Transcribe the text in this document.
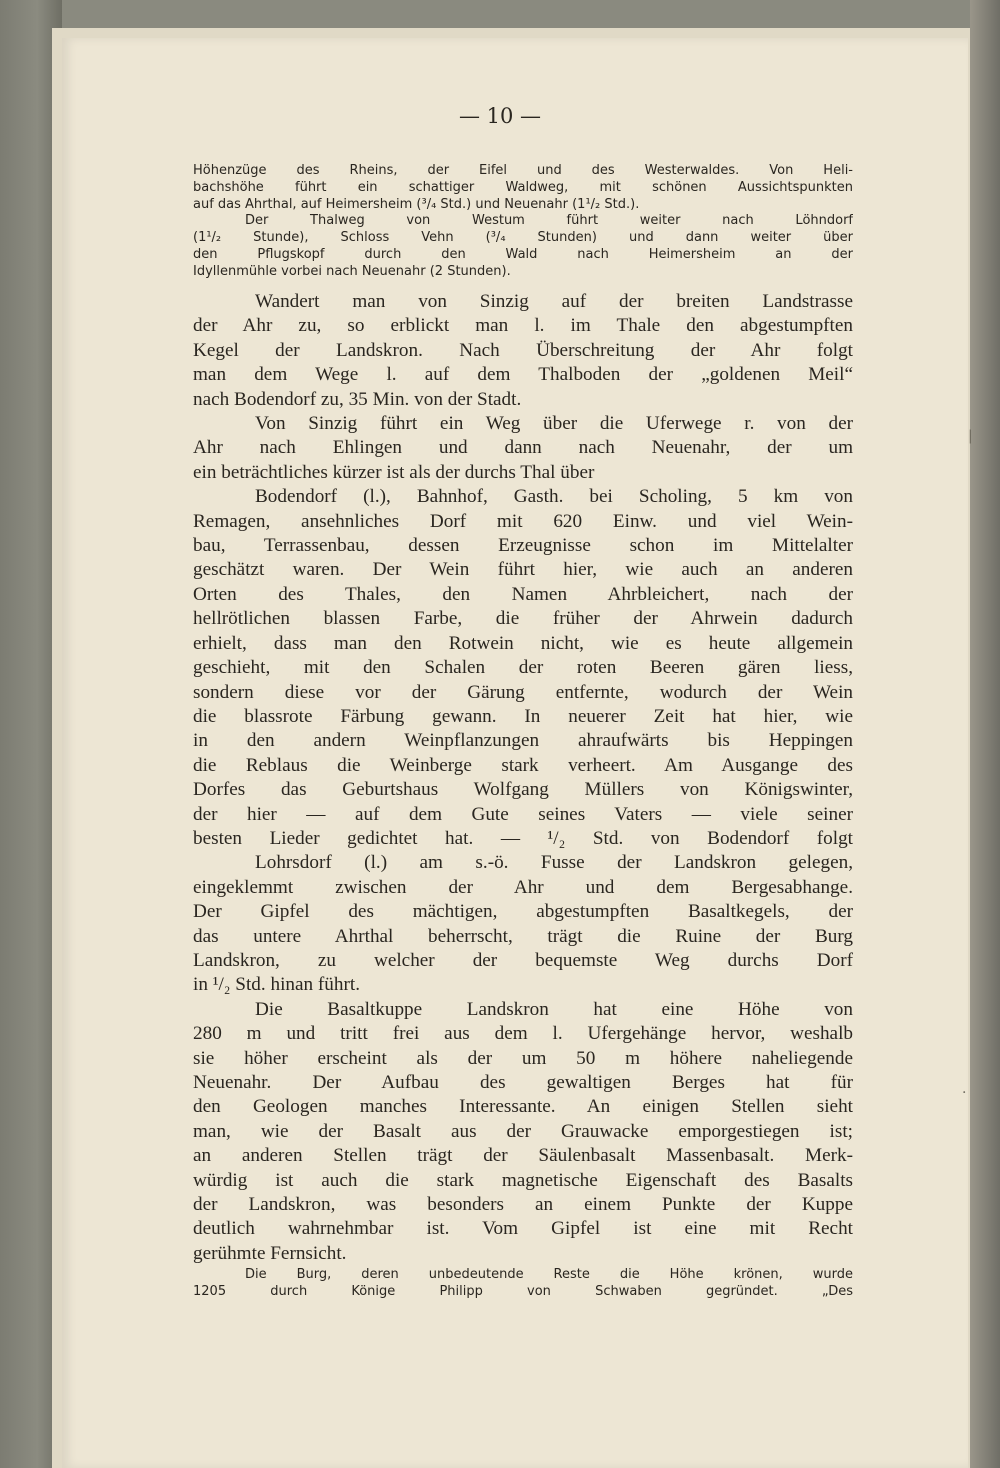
— 10 —
Höhenzüge des Rheins, der Eifel und des Westerwaldes. Von Heli-
bachshöhe führt ein schattiger Waldweg, mit schönen Aussichtspunkten
auf das Ahrthal, auf Heimersheim (³/₄ Std.) und Neuenahr (1¹/₂ Std.).
Der Thalweg von Westum führt weiter nach Löhndorf
(1¹/₂ Stunde), Schloss Vehn (³/₄ Stunden) und dann weiter über
den Pflugskopf durch den Wald nach Heimersheim an der
Idyllenmühle vorbei nach Neuenahr (2 Stunden).
Wandert man von Sinzig auf der breiten Landstrasse
der Ahr zu, so erblickt man l. im Thale den abgestumpften
Kegel der Landskron. Nach Überschreitung der Ahr folgt
man dem Wege l. auf dem Thalboden der „goldenen Meil“
nach Bodendorf zu, 35 Min. von der Stadt.
Von Sinzig führt ein Weg über die Uferwege r. von der
Ahr nach Ehlingen und dann nach Neuenahr, der um
ein beträchtliches kürzer ist als der durchs Thal über
Bodendorf (l.), Bahnhof, Gasth. bei Scholing, 5 km von
Remagen, ansehnliches Dorf mit 620 Einw. und viel Wein-
bau, Terrassenbau, dessen Erzeugnisse schon im Mittelalter
geschätzt waren. Der Wein führt hier, wie auch an anderen
Orten des Thales, den Namen Ahrbleichert, nach der
hellrötlichen blassen Farbe, die früher der Ahrwein dadurch
erhielt, dass man den Rotwein nicht, wie es heute allgemein
geschieht, mit den Schalen der roten Beeren gären liess,
sondern diese vor der Gärung entfernte, wodurch der Wein
die blassrote Färbung gewann. In neuerer Zeit hat hier, wie
in den andern Weinpflanzungen ahraufwärts bis Heppingen
die Reblaus die Weinberge stark verheert. Am Ausgange des
Dorfes das Geburtshaus Wolfgang Müllers von Königswinter,
der hier — auf dem Gute seines Vaters — viele seiner
besten Lieder gedichtet hat. — ¹/₂ Std. von Bodendorf folgt
Lohrsdorf (l.) am s.-ö. Fusse der Landskron gelegen,
eingeklemmt zwischen der Ahr und dem Bergesabhange.
Der Gipfel des mächtigen, abgestumpften Basaltkegels, der
das untere Ahrthal beherrscht, trägt die Ruine der Burg
Landskron, zu welcher der bequemste Weg durchs Dorf
in ¹/₂ Std. hinan führt.
Die Basaltkuppe Landskron hat eine Höhe von
280 m und tritt frei aus dem l. Ufergehänge hervor, weshalb
sie höher erscheint als der um 50 m höhere naheliegende
Neuenahr. Der Aufbau des gewaltigen Berges hat für
den Geologen manches Interessante. An einigen Stellen sieht
man, wie der Basalt aus der Grauwacke emporgestiegen ist;
an anderen Stellen trägt der Säulenbasalt Massenbasalt. Merk-
würdig ist auch die stark magnetische Eigenschaft des Basalts
der Landskron, was besonders an einem Punkte der Kuppe
deutlich wahrnehmbar ist. Vom Gipfel ist eine mit Recht
gerühmte Fernsicht.
Die Burg, deren unbedeutende Reste die Höhe krönen, wurde
1205 durch Könige Philipp von Schwaben gegründet. „Des
|
·
